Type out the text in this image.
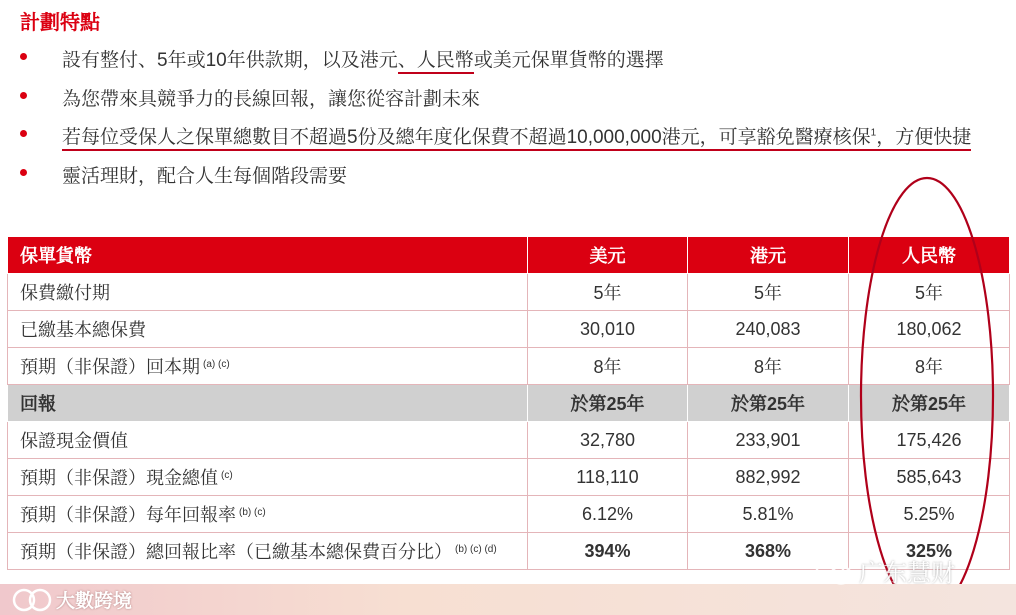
計劃特點
設有整付、5年或10年供款期，以及港元、人民幣或美元保單貨幣的選擇
為您帶來具競爭力的長線回報，讓您從容計劃未來
若每位受保人之保單總數目不超過5份及總年度化保費不超過10,000,000港元，可享豁免醫療核保$^1$，方便快捷
靈活理財，配合人生每個階段需要
保單貨幣	美元	港元	人民幣
保費繳付期	5年	5年	5年
已繳基本總保費	30,010	240,083	180,062
預期（非保證）回本期 $^{(a) (c)}$	8年	8年	8年
回報	於第25年	於第25年	於第25年
保證現金價值	32,780	233,901	175,426
預期（非保證）現金總值 $^{(c)}$	118,110	882,992	585,643
預期（非保證）每年回報率 $^{(b) (c)}$	6.12%	5.81%	5.25%
預期（非保證）總回報比率（已繳基本總保費百分比） $^{(b) (c) (d)}$	394%	368%	325%
广东慧财
大數跨境
